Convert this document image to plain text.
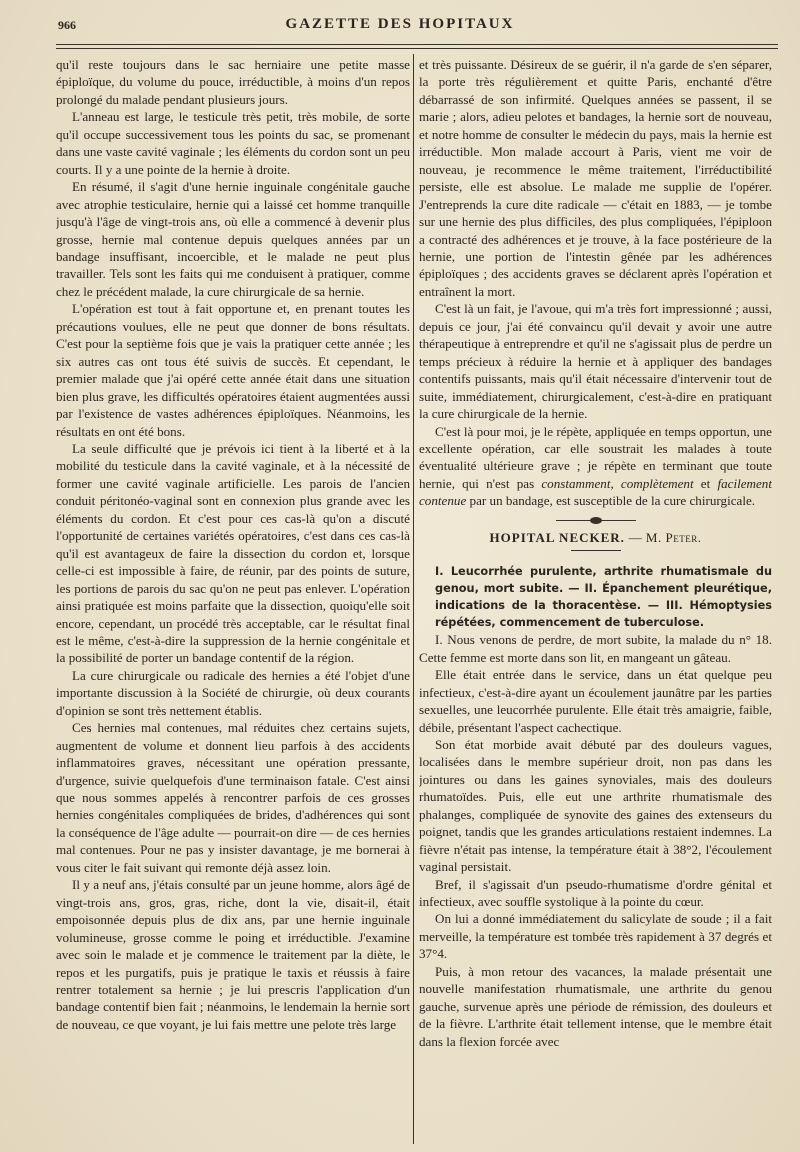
966	GAZETTE DES HOPITAUX

qu'il reste toujours dans le sac herniaire une petite masse épiploïque, du volume du pouce, irréductible, à moins d'un repos prolongé du malade pendant plusieurs jours.

L'anneau est large, le testicule très petit, très mobile, de sorte qu'il occupe successivement tous les points du sac, se promenant dans une vaste cavité vaginale ; les éléments du cordon sont un peu courts. Il y a une pointe de la hernie à droite.

En résumé, il s'agit d'une hernie inguinale congénitale gauche avec atrophie testiculaire, hernie qui a laissé cet homme tranquille jusqu'à l'âge de vingt-trois ans, où elle a commencé à devenir plus grosse, hernie mal contenue depuis quelques années par un bandage insuffisant, incoercible, et le malade ne peut plus travailler. Tels sont les faits qui me conduisent à pratiquer, comme chez le précédent malade, la cure chirurgicale de sa hernie.

L'opération est tout à fait opportune et, en prenant toutes les précautions voulues, elle ne peut que donner de bons résultats. C'est pour la septième fois que je vais la pratiquer cette année ; les six autres cas ont tous été suivis de succès. Et cependant, le premier malade que j'ai opéré cette année était dans une situation bien plus grave, les difficultés opératoires étaient augmentées aussi par l'existence de vastes adhérences épiploïques. Néanmoins, les résultats en ont été bons.

La seule difficulté que je prévois ici tient à la liberté et à la mobilité du testicule dans la cavité vaginale, et à la nécessité de former une cavité vaginale artificielle. Les parois de l'ancien conduit péritonéo-vaginal sont en connexion plus grande avec les éléments du cordon. Et c'est pour ces cas-là qu'on a discuté l'opportunité de certaines variétés opératoires, c'est dans ces cas-là qu'il est avantageux de faire la dissection du cordon et, lorsque celle-ci est impossible à faire, de réunir, par des points de suture, les portions de parois du sac qu'on ne peut pas enlever. L'opération ainsi pratiquée est moins parfaite que la dissection, quoiqu'elle soit encore, cependant, un procédé très acceptable, car le résultat final est le même, c'est-à-dire la suppression de la hernie congénitale et la possibilité de porter un bandage contentif de la région.

La cure chirurgicale ou radicale des hernies a été l'objet d'une importante discussion à la Société de chirurgie, où deux courants d'opinion se sont très nettement établis.

Ces hernies mal contenues, mal réduites chez certains sujets, augmentent de volume et donnent lieu parfois à des accidents inflammatoires graves, nécessitant une opération pressante, d'urgence, suivie quelquefois d'une terminaison fatale. C'est ainsi que nous sommes appelés à rencontrer parfois de ces grosses hernies congénitales compliquées de brides, d'adhérences qui sont la conséquence de l'âge adulte — pourrait-on dire — de ces hernies mal contenues. Pour ne pas y insister davantage, je me bornerai à vous citer le fait suivant qui remonte déjà assez loin.

Il y a neuf ans, j'étais consulté par un jeune homme, alors âgé de vingt-trois ans, gros, gras, riche, dont la vie, disait-il, était empoisonnée depuis plus de dix ans, par une hernie inguinale volumineuse, grosse comme le poing et irréductible. J'examine avec soin le malade et je commence le traitement par la diète, le repos et les purgatifs, puis je pratique le taxis et réussis à faire rentrer totalement sa hernie ; je lui prescris l'application d'un bandage contentif bien fait ; néanmoins, le lendemain la hernie sort de nouveau, ce que voyant, je lui fais mettre une pelote très large

et très puissante. Désireux de se guérir, il n'a garde de s'en séparer, la porte très régulièrement et quitte Paris, enchanté d'être débarrassé de son infirmité. Quelques années se passent, il se marie ; alors, adieu pelotes et bandages, la hernie sort de nouveau, et notre homme de consulter le médecin du pays, mais la hernie est irréductible. Mon malade accourt à Paris, vient me voir de nouveau, je recommence le même traitement, l'irréductibilité persiste, elle est absolue. Le malade me supplie de l'opérer. J'entreprends la cure dite radicale — c'était en 1883, — je tombe sur une hernie des plus difficiles, des plus compliquées, l'épiploon a contracté des adhérences et je trouve, à la face postérieure de la hernie, une portion de l'intestin gênée par les adhérences épiploïques ; des accidents graves se déclarent après l'opération et entraînent la mort.

C'est là un fait, je l'avoue, qui m'a très fort impressionné ; aussi, depuis ce jour, j'ai été convaincu qu'il devait y avoir une autre thérapeutique à entreprendre et qu'il ne s'agissait plus de perdre un temps précieux à réduire la hernie et à appliquer des bandages contentifs puissants, mais qu'il était nécessaire d'intervenir tout de suite, immédiatement, chirurgicalement, c'est-à-dire en pratiquant la cure chirurgicale de la hernie.

C'est là pour moi, je le répète, appliquée en temps opportun, une excellente opération, car elle soustrait les malades à toute éventualité ultérieure grave ; je répète en terminant que toute hernie, qui n'est pas constamment, complètement et facilement contenue par un bandage, est susceptible de la cure chirurgicale.

HOPITAL NECKER. — M. Peter.

I. Leucorrhée purulente, arthrite rhumatismale du genou, mort subite. — II. Épanchement pleurétique, indications de la thoracentèse. — III. Hémoptysies répétées, commencement de tuberculose.

I. Nous venons de perdre, de mort subite, la malade du n° 18. Cette femme est morte dans son lit, en mangeant un gâteau.

Elle était entrée dans le service, dans un état quelque peu infectieux, c'est-à-dire ayant un écoulement jaunâtre par les parties sexuelles, une leucorrhée purulente. Elle était très amaigrie, faible, débile, présentant l'aspect cachectique.

Son état morbide avait débuté par des douleurs vagues, localisées dans le membre supérieur droit, non pas dans les jointures ou dans les gaines synoviales, mais des douleurs rhumatoïdes. Puis, elle eut une arthrite rhumatismale des phalanges, compliquée de synovite des gaines des extenseurs du poignet, tandis que les grandes articulations restaient indemnes. La fièvre n'était pas intense, la température était à 38°2, l'écoulement vaginal persistait.

Bref, il s'agissait d'un pseudo-rhumatisme d'ordre génital et infectieux, avec souffle systolique à la pointe du cœur.

On lui a donné immédiatement du salicylate de soude ; il a fait merveille, la température est tombée très rapidement à 37 degrés et 37°4.

Puis, à mon retour des vacances, la malade présentait une nouvelle manifestation rhumatismale, une arthrite du genou gauche, survenue après une période de rémission, des douleurs et de la fièvre. L'arthrite était tellement intense, que le membre était dans la flexion forcée avec
